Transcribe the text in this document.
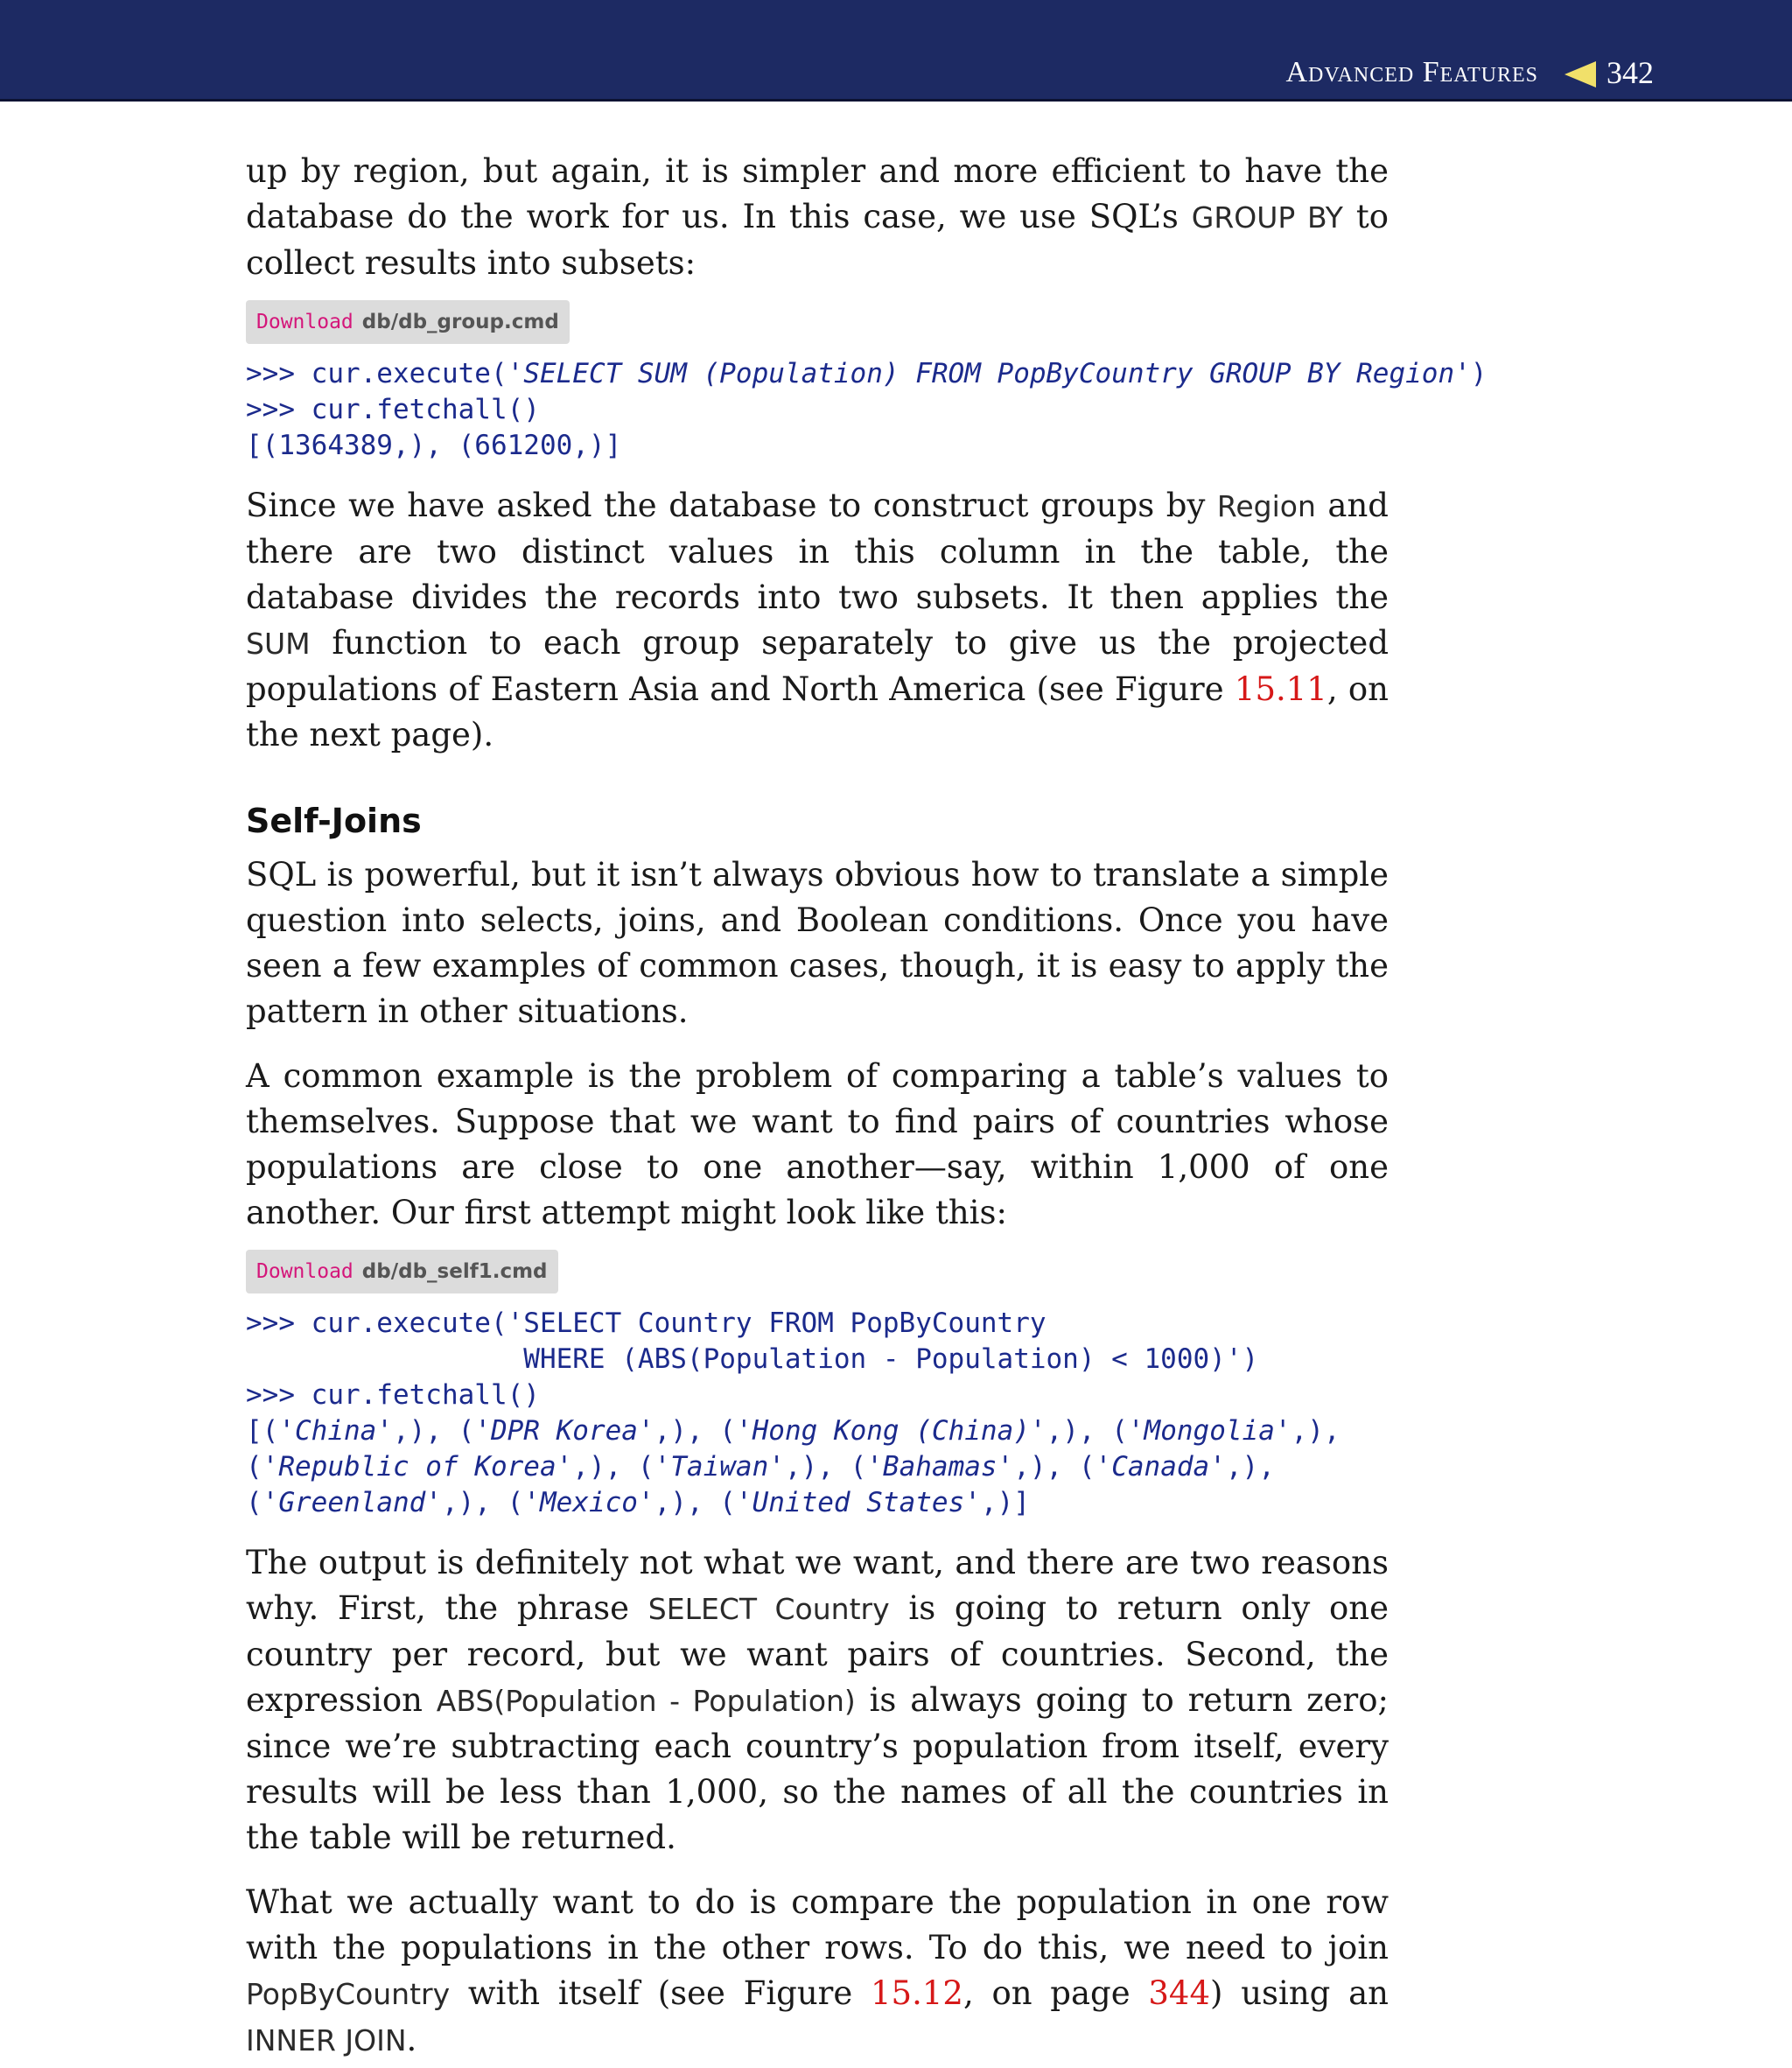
Advanced Features 342

up by region, but again, it is simpler and more efficient to have the database do the work for us. In this case, we use SQL’s GROUP BY to collect results into subsets:

Download db/db_group.cmd
>>> cur.execute('SELECT SUM (Population) FROM PopByCountry GROUP BY Region')
>>> cur.fetchall()
[(1364389,), (661200,)]

Since we have asked the database to construct groups by Region and there are two distinct values in this column in the table, the database divides the records into two subsets. It then applies the SUM function to each group separately to give us the projected populations of Eastern Asia and North America (see Figure 15.11, on the next page).

Self-Joins

SQL is powerful, but it isn’t always obvious how to translate a simple question into selects, joins, and Boolean conditions. Once you have seen a few examples of common cases, though, it is easy to apply the pattern in other situations.

A common example is the problem of comparing a table’s values to themselves. Suppose that we want to find pairs of countries whose populations are close to one another—say, within 1,000 of one another. Our first attempt might look like this:

Download db/db_self1.cmd
>>> cur.execute('SELECT Country FROM PopByCountry
WHERE (ABS(Population - Population) < 1000)')
>>> cur.fetchall()
[('China',), ('DPR Korea',), ('Hong Kong (China)',), ('Mongolia',),
('Republic of Korea',), ('Taiwan',), ('Bahamas',), ('Canada',),
('Greenland',), ('Mexico',), ('United States',)]

The output is definitely not what we want, and there are two reasons why. First, the phrase SELECT Country is going to return only one country per record, but we want pairs of countries. Second, the expression ABS(Population - Population) is always going to return zero; since we’re subtracting each country’s population from itself, every results will be less than 1,000, so the names of all the countries in the table will be returned.

What we actually want to do is compare the population in one row with the populations in the other rows. To do this, we need to join PopByCountry with itself (see Figure 15.12, on page 344) using an INNER JOIN.
